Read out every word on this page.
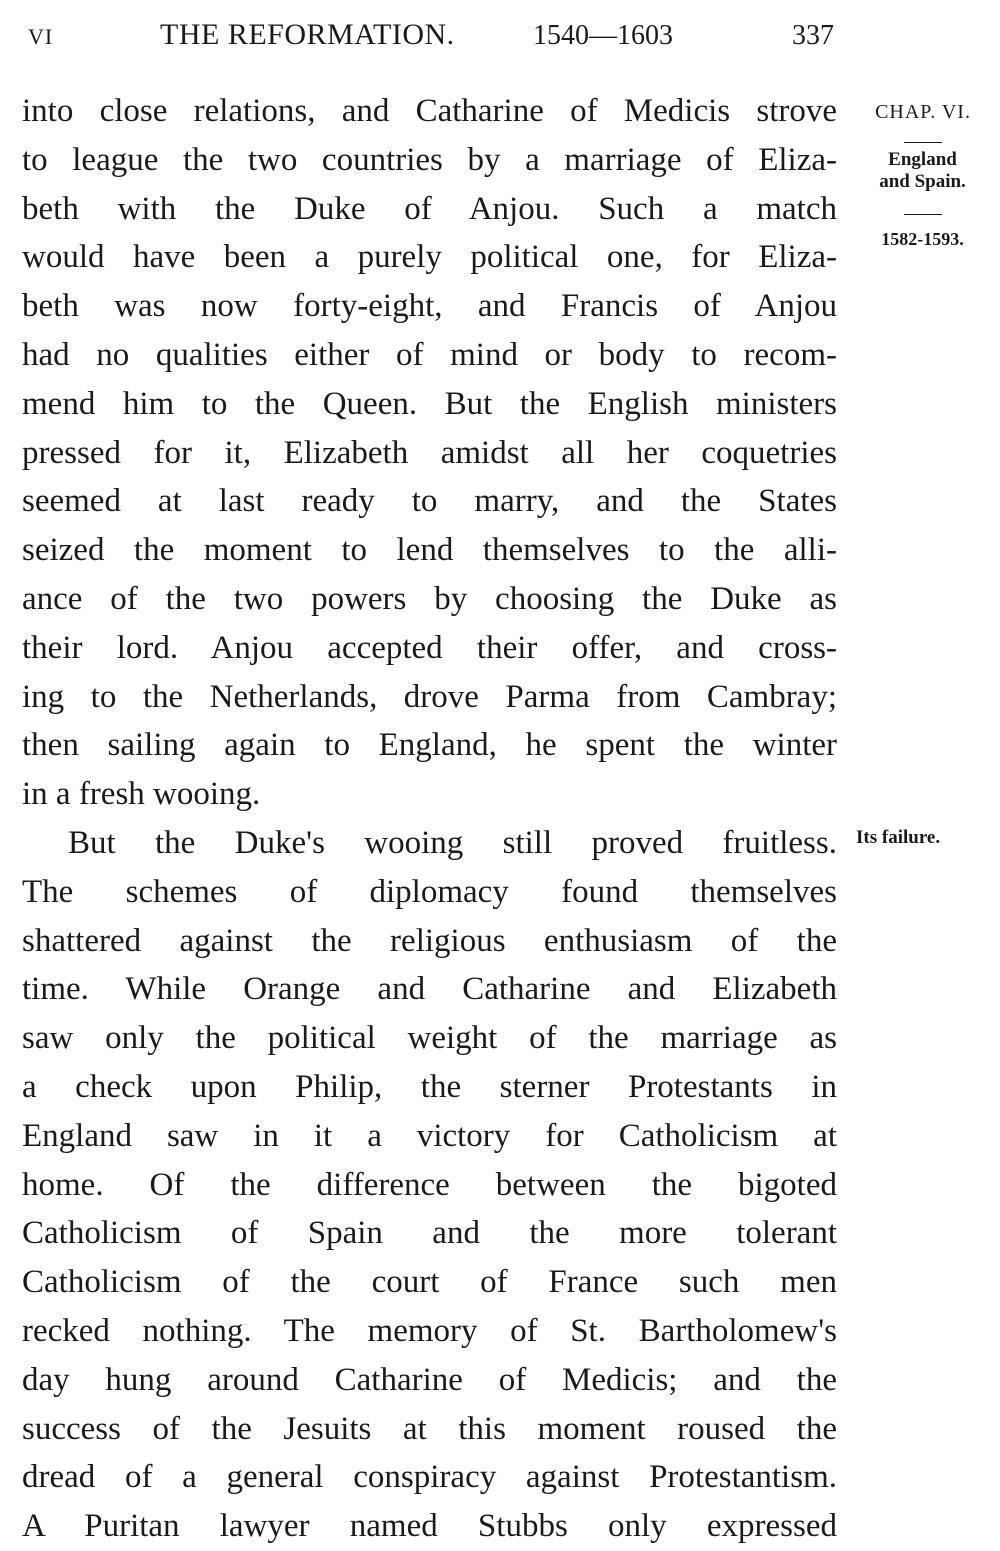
VI	THE REFORMATION.	1540—1603	337
into close relations, and Catharine of Medicis strove
to league the two countries by a marriage of Eliza-
beth with the Duke of Anjou. Such a match
would have been a purely political one, for Eliza-
beth was now forty-eight, and Francis of Anjou
had no qualities either of mind or body to recom-
mend him to the Queen. But the English ministers
pressed for it, Elizabeth amidst all her coquetries
seemed at last ready to marry, and the States
seized the moment to lend themselves to the alli-
ance of the two powers by choosing the Duke as
their lord. Anjou accepted their offer, and cross-
ing to the Netherlands, drove Parma from Cambray;
then sailing again to England, he spent the winter
in a fresh wooing.
But the Duke's wooing still proved fruitless.
The schemes of diplomacy found themselves
shattered against the religious enthusiasm of the
time. While Orange and Catharine and Elizabeth
saw only the political weight of the marriage as
a check upon Philip, the sterner Protestants in
England saw in it a victory for Catholicism at
home. Of the difference between the bigoted
Catholicism of Spain and the more tolerant
Catholicism of the court of France such men
recked nothing. The memory of St. Bartholomew's
day hung around Catharine of Medicis; and the
success of the Jesuits at this moment roused the
dread of a general conspiracy against Protestantism.
A Puritan lawyer named Stubbs only expressed
CHAP. VI.
England
and Spain.
1582-1593.
Its failure.
